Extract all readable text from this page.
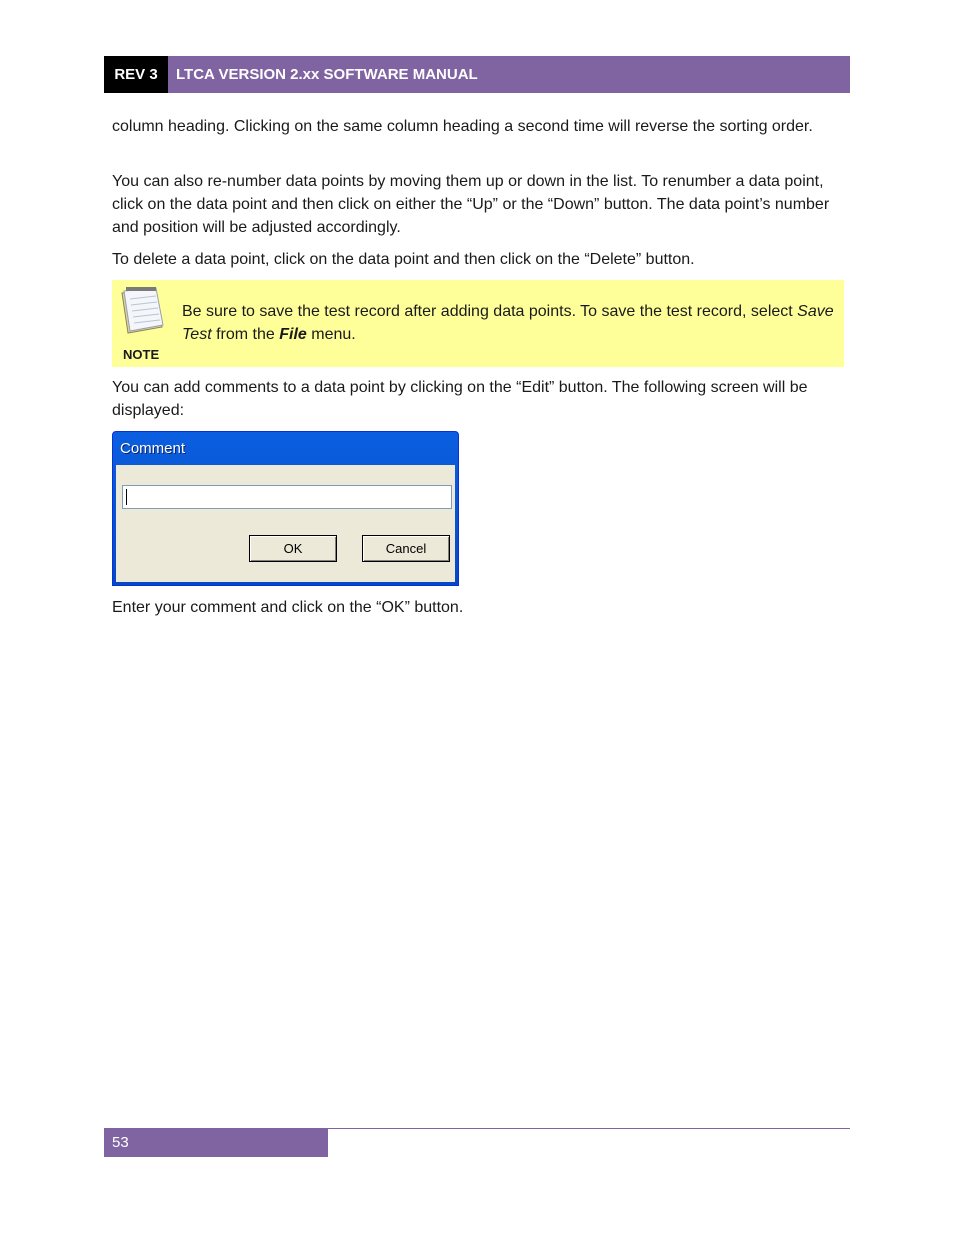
REV 3	LTCA VERSION 2.xx SOFTWARE MANUAL

column heading. Clicking on the same column heading a second time will reverse the sorting order.

You can also re-number data points by moving them up or down in the list. To renumber a data point, click on the data point and then click on either the “Up” or the “Down” button. The data point’s number and position will be adjusted accordingly.

To delete a data point, click on the data point and then click on the “Delete” button.

NOTE

Be sure to save the test record after adding data points. To save the test record, select Save Test from the File menu.

You can add comments to a data point by clicking on the “Edit” button. The following screen will be displayed:

Comment
OK	Cancel

Enter your comment and click on the “OK” button.

53
